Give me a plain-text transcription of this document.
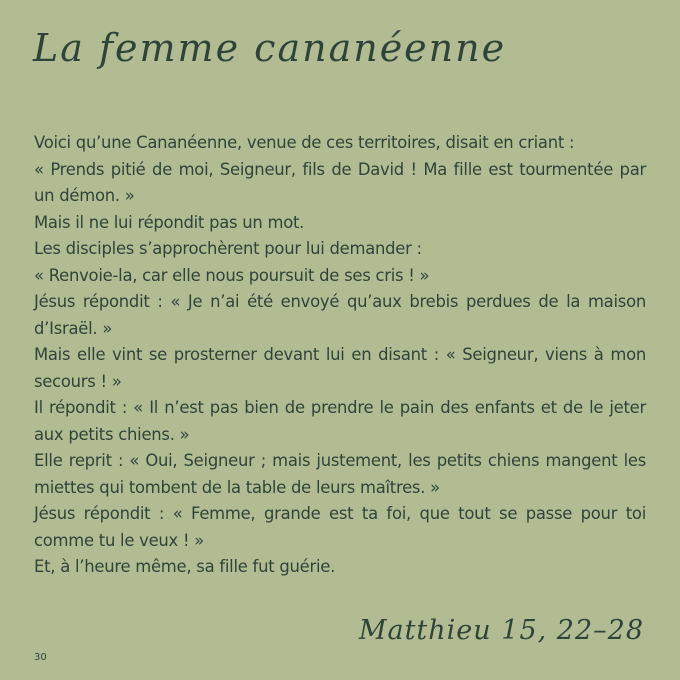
La femme cananéenne

Voici qu’une Cananéenne, venue de ces territoires, disait en criant :

« Prends pitié de moi, Seigneur, fils de David ! Ma fille est tourmentée par un démon. »

Mais il ne lui répondit pas un mot.

Les disciples s’approchèrent pour lui demander :

« Renvoie-la, car elle nous poursuit de ses cris ! »

Jésus répondit : « Je n’ai été envoyé qu’aux brebis perdues de la maison d’Israël. »

Mais elle vint se prosterner devant lui en disant : « Seigneur, viens à mon secours ! »

Il répondit : « Il n’est pas bien de prendre le pain des enfants et de le jeter aux petits chiens. »

Elle reprit : « Oui, Seigneur ; mais justement, les petits chiens mangent les miettes qui tombent de la table de leurs maîtres. »

Jésus répondit : « Femme, grande est ta foi, que tout se passe pour toi comme tu le veux ! »

Et, à l’heure même, sa fille fut guérie.

Matthieu 15, 22–28

30
